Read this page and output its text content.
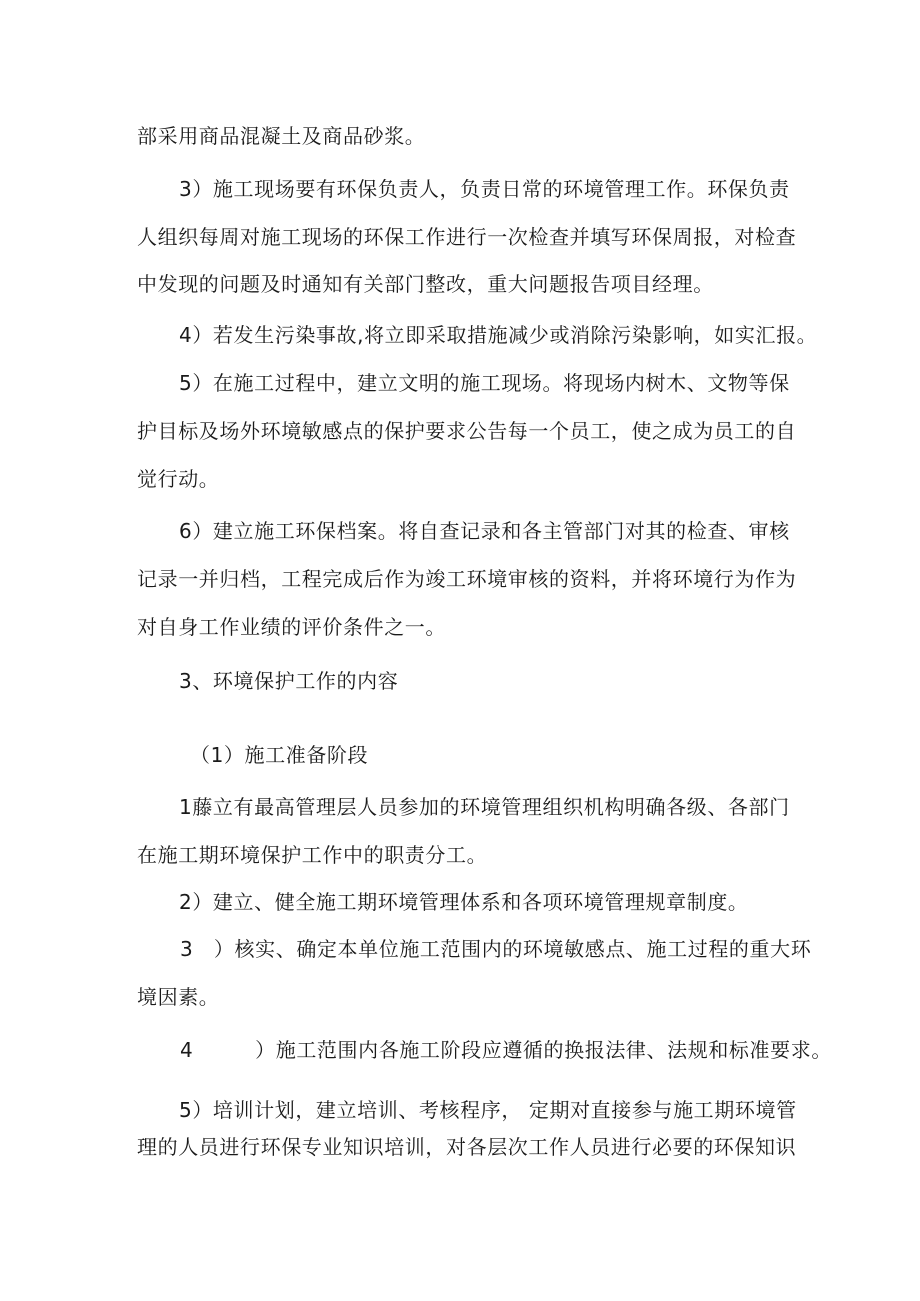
部采用商品混凝土及商品砂浆。
3）施工现场要有环保负责人，负责日常的环境管理工作。环保负责
人组织每周对施工现场的环保工作进行一次检查并填写环保周报，对检查
中发现的问题及时通知有关部门整改，重大问题报告项目经理。
4）若发生污染事故,将立即采取措施减少或消除污染影响，如实汇报。
5）在施工过程中，建立文明的施工现场。将现场内树木、文物等保
护目标及场外环境敏感点的保护要求公告每一个员工，使之成为员工的自
觉行动。
6）建立施工环保档案。将自查记录和各主管部门对其的检查、审核
记录一并归档，工程完成后作为竣工环境审核的资料，并将环境行为作为
对自身工作业绩的评价条件之一。
3、环境保护工作的内容
（1）施工准备阶段
1藤立有最高管理层人员参加的环境管理组织机构明确各级、各部门
在施工期环境保护工作中的职责分工。
2）建立、健全施工期环境管理体系和各项环境管理规章制度。
3　）核实、确定本单位施工范围内的环境敏感点、施工过程的重大环
境因素。
4　　　）施工范围内各施工阶段应遵循的换报法律、法规和标准要求。
5）培训计划，建立培训、考核程序， 定期对直接参与施工期环境管
理的人员进行环保专业知识培训，对各层次工作人员进行必要的环保知识
